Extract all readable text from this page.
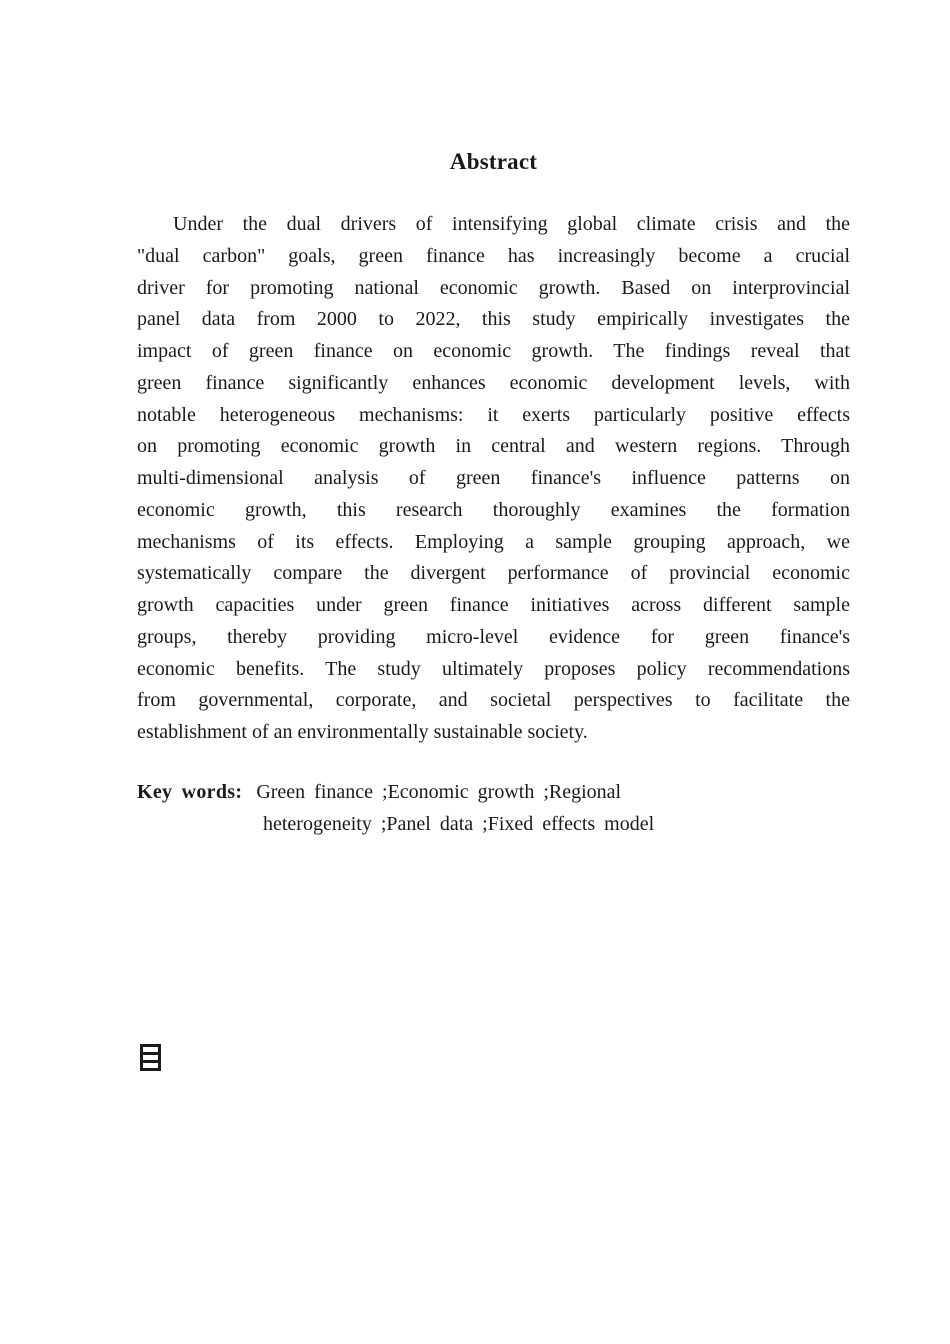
Abstract
Under the dual drivers of intensifying global climate crisis and the
"dual carbon" goals, green finance has increasingly become a crucial
driver for promoting national economic growth. Based on interprovincial
panel data from 2000 to 2022, this study empirically investigates the
impact of green finance on economic growth. The findings reveal that
green finance significantly enhances economic development levels, with
notable heterogeneous mechanisms: it exerts particularly positive effects
on promoting economic growth in central and western regions. Through
multi-dimensional analysis of green finance's influence patterns on
economic growth, this research thoroughly examines the formation
mechanisms of its effects. Employing a sample grouping approach, we
systematically compare the divergent performance of provincial economic
growth capacities under green finance initiatives across different sample
groups, thereby providing micro-level evidence for green finance's
economic benefits. The study ultimately proposes policy recommendations
from governmental, corporate, and societal perspectives to facilitate the
establishment of an environmentally sustainable society.
Key words: Green finance ;Economic growth ;Regional
heterogeneity ;Panel data ;Fixed effects model
